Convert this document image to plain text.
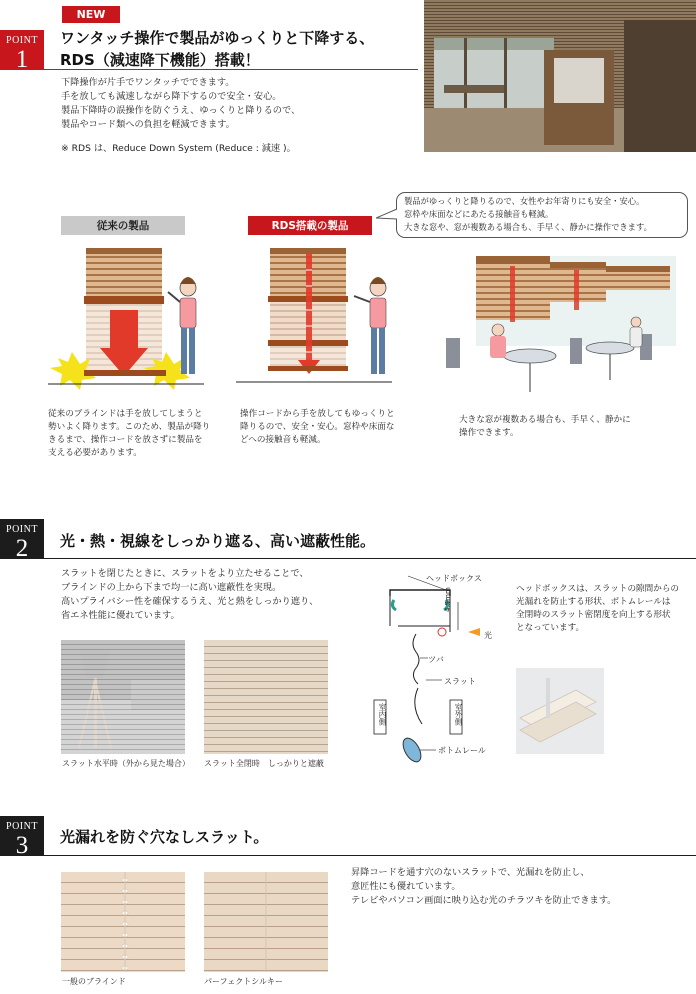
POINT
1
NEW
ワンタッチ操作で製品がゆっくりと下降する、
RDS（減速降下機能）搭載！
下降操作が片手でワンタッチでできます。
手を放しても減速しながら降下するので安全・安心。
製品下降時の誤操作を防ぐうえ、ゆっくりと降りるので、
製品やコード類への負担を軽減できます。
※ RDS は、Reduce Down System (Reduce : 減速 )。
従来の製品	RDS搭載の製品
製品がゆっくりと降りるので、女性やお年寄りにも安全・安心。
窓枠や床面などにあたる接触音も軽減。
大きな窓や、窓が複数ある場合も、手早く、静かに操作できます。
従来のブラインドは手を放してしまうと
勢いよく降ります。このため、製品が降り
きるまで、操作コードを放さずに製品を
支える必要があります。
操作コードから手を放してもゆっくりと
降りるので、安全・安心。窓枠や床面な
どへの接触音も軽減。
大きな窓が複数ある場合も、手早く、静かに
操作できます。
POINT
2	光・熱・視線をしっかり遮る、高い遮蔽性能。
スラットを閉じたときに、スラットをより立たせることで、
ブラインドの上から下まで均一に高い遮蔽性を実現。
高いプライバシー性を確保するうえ、光と熱をしっかり遮り、
省エネ性能に優れています。
スラット水平時（外から見た場合） スラット全閉時　しっかりと遮蔽
ヘッドボックス
4.5mm
光
ツバ
スラット
室内側	室外側
ボトムレール
ヘッドボックスは、スラットの隙間からの
光漏れを防止する形状、ボトムレールは
全閉時のスラット密閉度を向上する形状
となっています。
POINT
3	光漏れを防ぐ穴なしスラット。
一般のブラインド	パーフェクトシルキー
昇降コードを通す穴のないスラットで、光漏れを防止し、
意匠性にも優れています。
テレビやパソコン画面に映り込む光のチラツキを防止できます。
